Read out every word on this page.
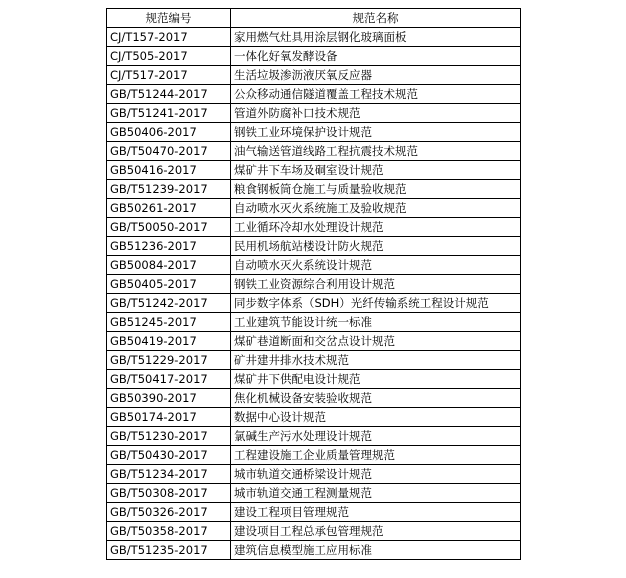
规范编号	规范名称
CJ/T157-2017	家用燃气灶具用涂层钢化玻璃面板
CJ/T505-2017	一体化好氧发酵设备
CJ/T517-2017	生活垃圾渗沥液厌氧反应器
GB/T51244-2017	公众移动通信隧道覆盖工程技术规范
GB/T51241-2017	管道外防腐补口技术规范
GB50406-2017	钢铁工业环境保护设计规范
GB/T50470-2017	油气输送管道线路工程抗震技术规范
GB50416-2017	煤矿井下车场及硐室设计规范
GB/T51239-2017	粮食钢板筒仓施工与质量验收规范
GB50261-2017	自动喷水灭火系统施工及验收规范
GB/T50050-2017	工业循环冷却水处理设计规范
GB51236-2017	民用机场航站楼设计防火规范
GB50084-2017	自动喷水灭火系统设计规范
GB50405-2017	钢铁工业资源综合利用设计规范
GB/T51242-2017	同步数字体系（SDH）光纤传输系统工程设计规范
GB51245-2017	工业建筑节能设计统一标准
GB50419-2017	煤矿巷道断面和交岔点设计规范
GB/T51229-2017	矿井建井排水技术规范
GB/T50417-2017	煤矿井下供配电设计规范
GB50390-2017	焦化机械设备安装验收规范
GB50174-2017	数据中心设计规范
GB/T51230-2017	氯碱生产污水处理设计规范
GB/T50430-2017	工程建设施工企业质量管理规范
GB/T51234-2017	城市轨道交通桥梁设计规范
GB/T50308-2017	城市轨道交通工程测量规范
GB/T50326-2017	建设工程项目管理规范
GB/T50358-2017	建设项目工程总承包管理规范
GB/T51235-2017	建筑信息模型施工应用标准
